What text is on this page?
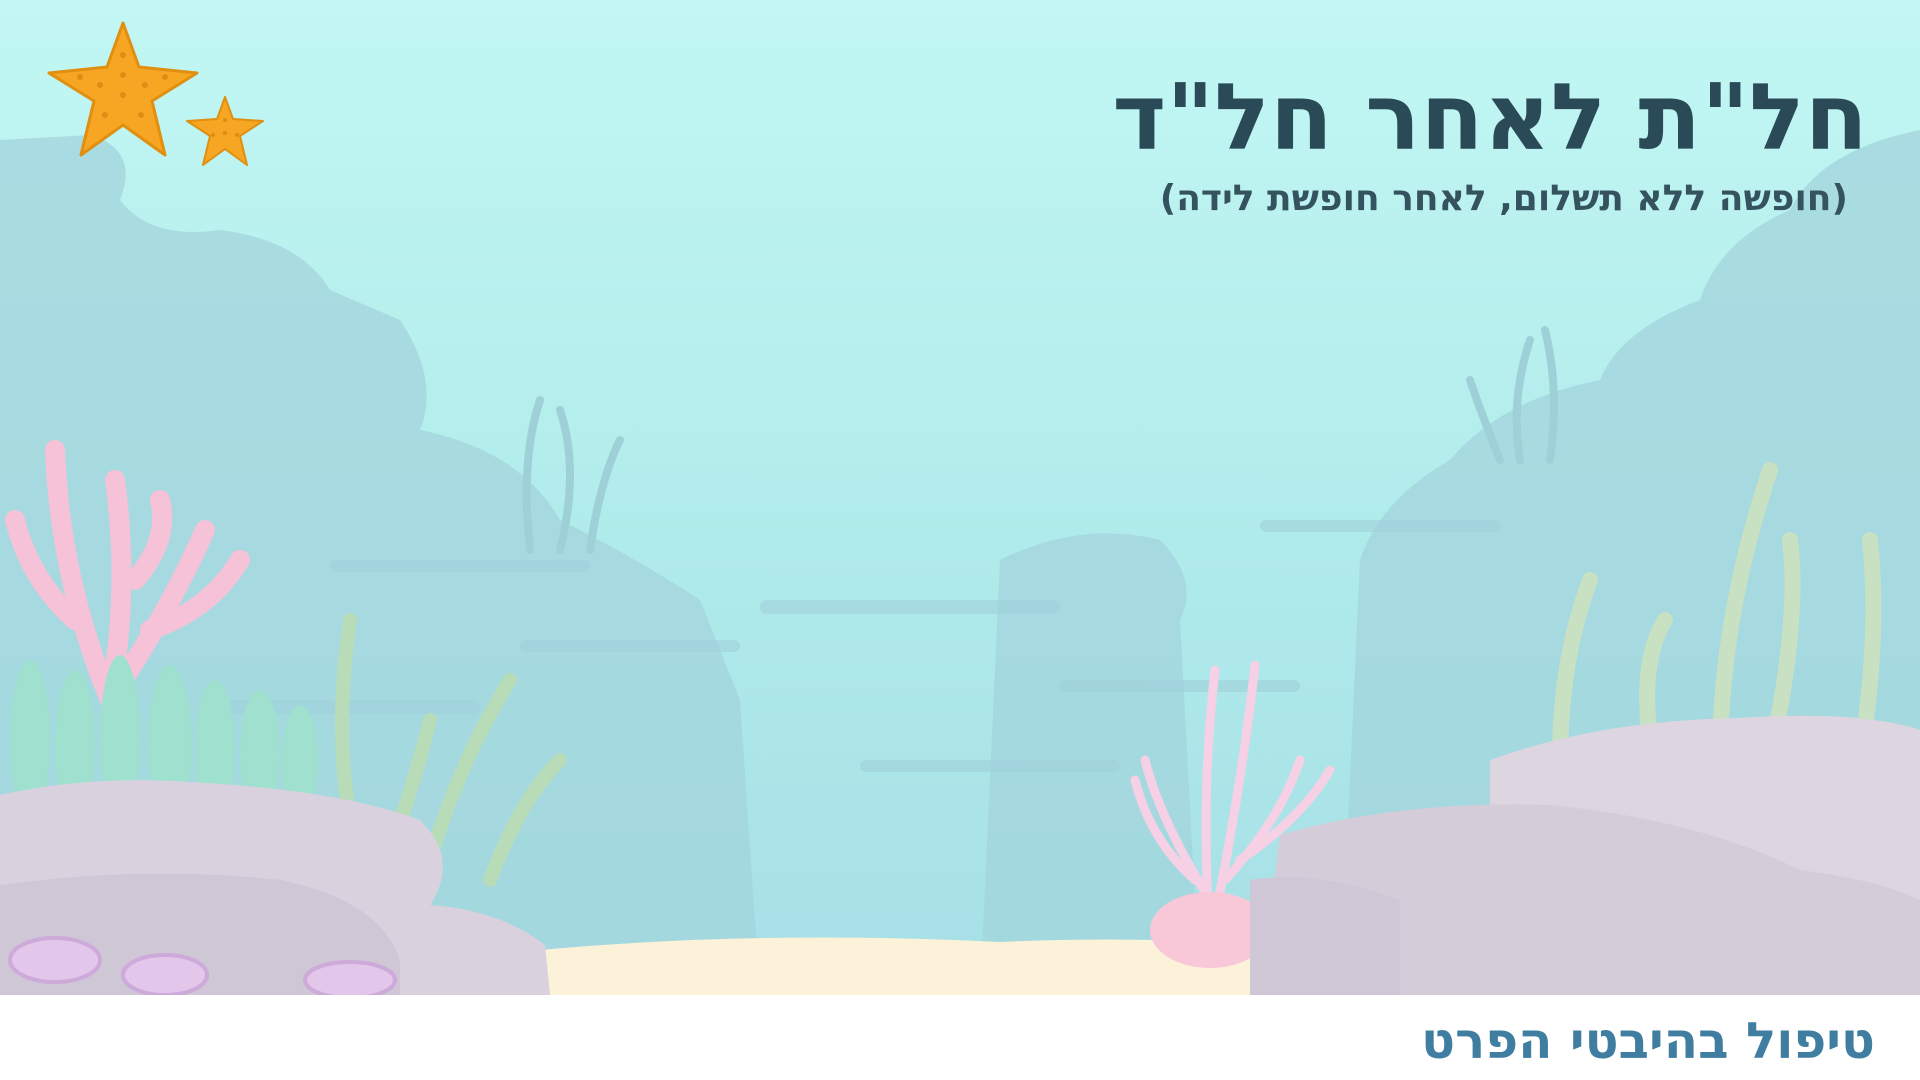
חל"ת לאחר חל"ד

(חופשה ללא תשלום, לאחר חופשת לידה)

טיפול בהיבטי הפרט
